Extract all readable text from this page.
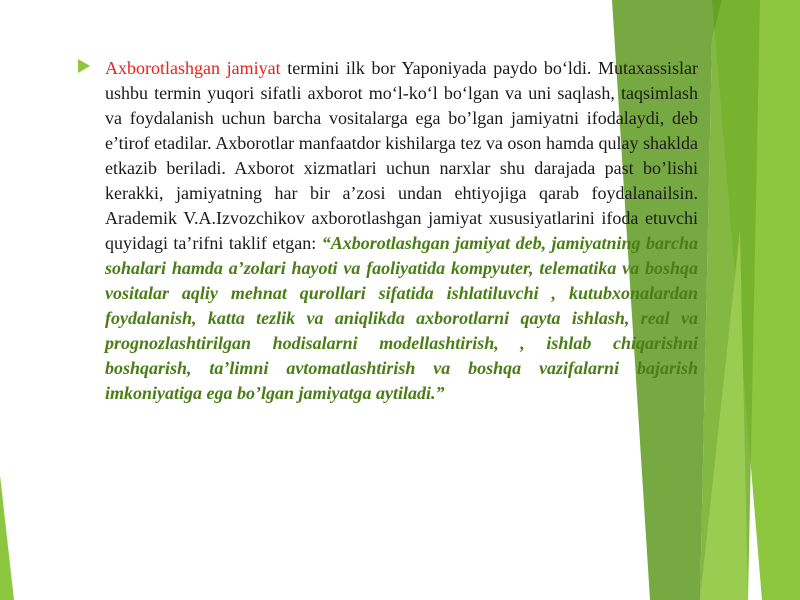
Axborotlashgan jamiyat termini ilk bor Yaponiyada paydo bo‘ldi. Mutaxassislar ushbu termin yuqori sifatli axborot mo‘l-ko‘l bo‘lgan va uni saqlash, taqsimlash va foydalanish uchun barcha vositalarga ega bo’lgan jamiyatni ifodalaydi, deb e’tirof etadilar. Axborotlar manfaatdor kishilarga tez va oson hamda qulay shaklda etkazib beriladi. Axborot xizmatlari uchun narxlar shu darajada past bo’lishi kerakki, jamiyatning har bir a’zosi undan ehtiyojiga qarab foydalanailsin. Arademik V.A.Izvozchikov axborotlashgan jamiyat xususiyatlarini ifoda etuvchi quyidagi ta’rifni taklif etgan: “Axborotlashgan jamiyat deb, jamiyatning barcha sohalari hamda a’zolari hayoti va faoliyatida kompyuter, telematika va boshqa vositalar aqliy mehnat qurollari sifatida ishlatiluvchi , kutubxonalardan foydalanish, katta tezlik va aniqlikda axborotlarni qayta ishlash, real va prognozlashtirilgan hodisalarni modellashtirish, , ishlab chiqarishni boshqarish, ta’limni avtomatlashtirish va boshqa vazifalarni bajarish imkoniyatiga ega bo’lgan jamiyatga aytiladi.”
